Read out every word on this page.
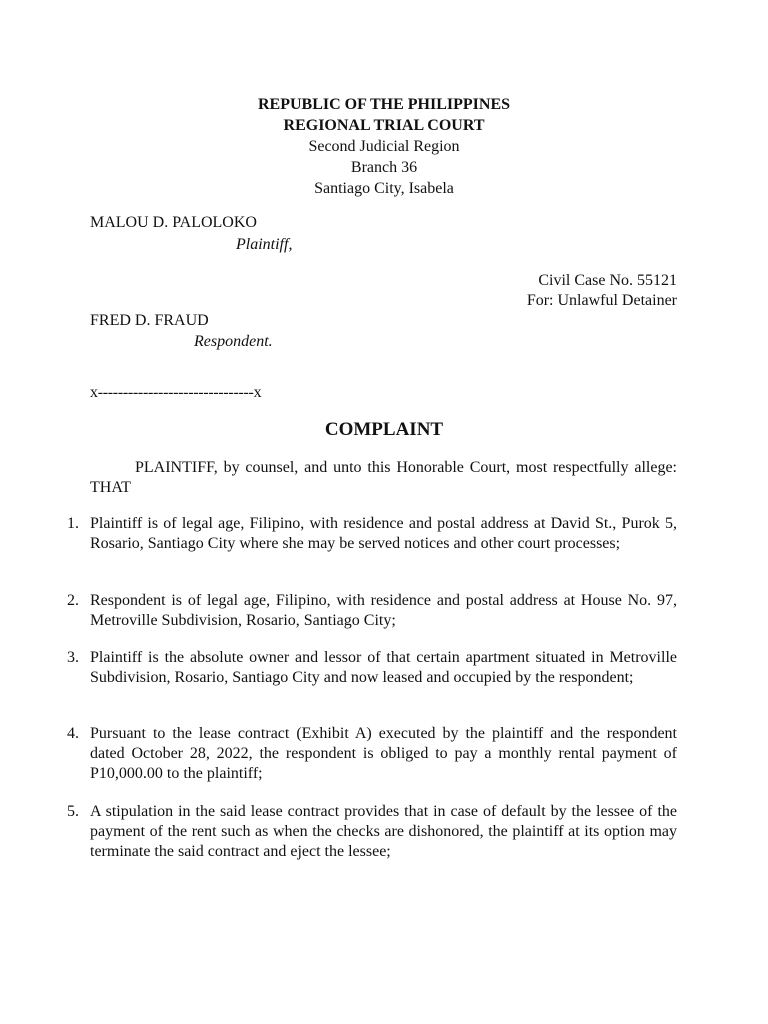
REPUBLIC OF THE PHILIPPINES
REGIONAL TRIAL COURT
Second Judicial Region
Branch 36
Santiago City, Isabela
MALOU D. PALOLOKO
Plaintiff,
Civil Case No. 55121
For: Unlawful Detainer
FRED D. FRAUD
Respondent.
x-------------------------------x
COMPLAINT
PLAINTIFF, by counsel, and unto this Honorable Court, most respectfully allege: THAT
1. Plaintiff is of legal age, Filipino, with residence and postal address at David St., Purok 5, Rosario, Santiago City where she may be served notices and other court processes;
2. Respondent is of legal age, Filipino, with residence and postal address at House No. 97, Metroville Subdivision, Rosario, Santiago City;
3. Plaintiff is the absolute owner and lessor of that certain apartment situated in Metroville Subdivision, Rosario, Santiago City and now leased and occupied by the respondent;
4. Pursuant to the lease contract (Exhibit A) executed by the plaintiff and the respondent dated October 28, 2022, the respondent is obliged to pay a monthly rental payment of P10,000.00 to the plaintiff;
5. A stipulation in the said lease contract provides that in case of default by the lessee of the payment of the rent such as when the checks are dishonored, the plaintiff at its option may terminate the said contract and eject the lessee;
